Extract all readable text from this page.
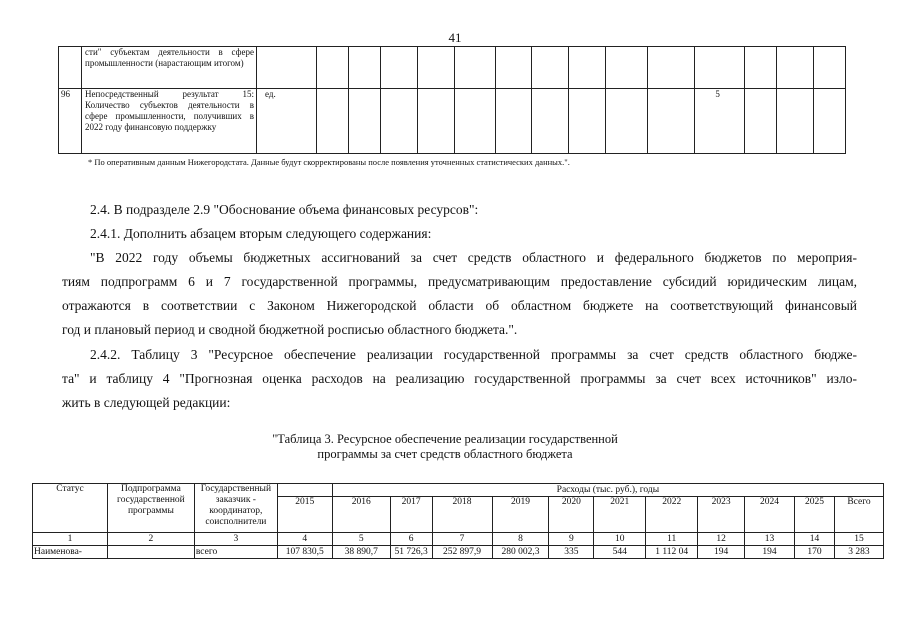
41
	сти" субъектам деятельности в сфере промышленности (нарастающим итогом)															
96	Непосредственный результат 15: Количество субъектов деятельности в сфере промышленности, получивших в 2022 году финансовую поддержку	ед.											5			
* По оперативным данным Нижегородстата. Данные будут скорректированы после появления уточненных статистических данных.".
2.4. В подразделе 2.9 "Обоснование объема финансовых ресурсов":
2.4.1. Дополнить абзацем вторым следующего содержания:
"В 2022 году объемы бюджетных ассигнований за счет средств областного и федерального бюджетов по мероприя-
тиям подпрограмм 6 и 7 государственной программы, предусматривающим предоставление субсидий юридическим лицам,
отражаются в соответствии с Законом Нижегородской области об областном бюджете на соответствующий финансовый
год и плановый период и сводной бюджетной росписью областного бюджета.".
2.4.2. Таблицу 3 "Ресурсное обеспечение реализации государственной программы за счет средств областного бюдже-
та" и таблицу 4 "Прогнозная оценка расходов на реализацию государственной программы за счет всех источников" изло-
жить в следующей редакции:
"Таблица 3. Ресурсное обеспечение реализации государственной
программы за счет средств областного бюджета
Статус	Подпрограмма государственной программы	Государственный заказчик - координатор, соисполнители		Расходы (тыс. руб.), годы										
			2015	2016	2017	2018	2019	2020	2021	2022	2023	2024	2025	Всего
1	2	3	4	5	6	7	8	9	10	11	12	13	14	15
Наименова-		всего	107 830,5	38 890,7	51 726,3	252 897,9	280 002,3	335	544	1 112 04	194	194	170	3 283
